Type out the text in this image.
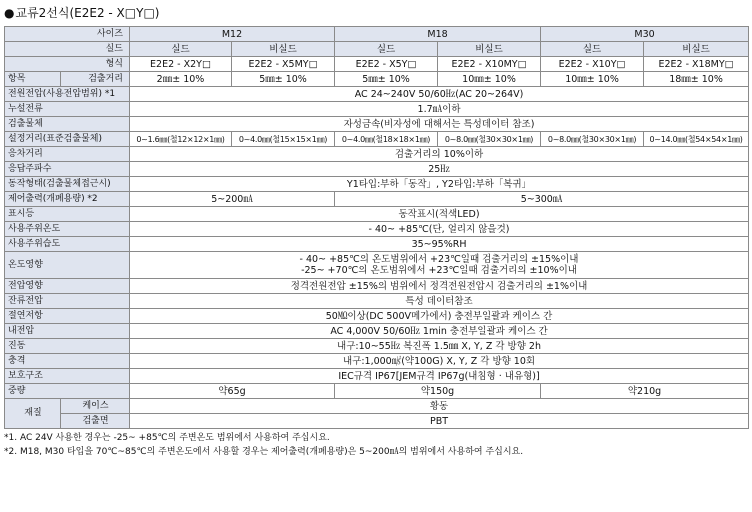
●교류2선식(E2E2 - X□Y□)
사이즈		M12		M18		M30	
실드		실드	비실드	실드	비실드	실드	비실드
형식		E2E2 - X2Y□	E2E2 - X5MY□	E2E2 - X5Y□	E2E2 - X10MY□	E2E2 - X10Y□	E2E2 - X18MY□
항목	검출거리	2㎜± 10%	5㎜± 10%	5㎜± 10%	10㎜± 10%	10㎜± 10%	18㎜± 10%
전원전압(사용전압범위) *1		AC 24~240V 50/60㎐(AC 20~264V)					
누설전류		1.7㎃이하					
검출물체		자성금속(비자성에 대해서는 특성데이터 참조)					
설정거리(표준검출물체)		0~1.6㎜(철12×12×1㎜)	0~4.0㎜(철15×15×1㎜)	0~4.0㎜(철18×18×1㎜)	0~8.0㎜(철30×30×1㎜)	0~8.0㎜(철30×30×1㎜)	0~14.0㎜(철54×54×1㎜)
응차거리		검출거리의 10%이하					
응답주파수		25㎐					
동작형태(검출물체접근시)		Y1타입:부하「동작」, Y2타입:부하「복귀」					
제어출력(개폐용량) *2		5~200㎃		5~300㎃			
표시등		동작표시(적색LED)					
사용주위온도		- 40~ +85℃(단, 얼리지 않을것)					
사용주위습도		35~95%RH					
온도영향		- 40~ +85℃의 온도범위에서 +23℃일때 검출거리의 ±15%이내
-25~ +70℃의 온도범위에서 +23℃일때 검출거리의 ±10%이내					

전압영향		정격전원전압 ±15%의 범위에서 정격전원전압시 검출거리의 ±1%이내					
잔류전압		특성 데이터참조					
절연저항		50㏁이상(DC 500V메가에서) 충전부일괄과 케이스 간					
내전압		AC 4,000V 50/60㎐ 1min 충전부일괄과 케이스 간					
진동		내구:10~55㎐ 복진폭 1.5㎜ X, Y, Z 각 방향 2h					
충격		내구:1,000㎨(약100G) X, Y, Z 각 방향 10회					
보호구조		IEC규격 IP67[JEM규격 IP67g(내침형 · 내유형)]					
중량		약65g		약150g		약210g	
재질	케이스	황동					
	검출면	PBT					
*1. AC 24V 사용한 경우는 -25~ +85℃의 주변온도 범위에서 사용하여 주십시요.
*2. M18, M30 타입을 70℃~85℃의 주변온도에서 사용할 경우는 제어출력(개폐용량)은 5~200㎃의 범위에서 사용하여 주십시요.
